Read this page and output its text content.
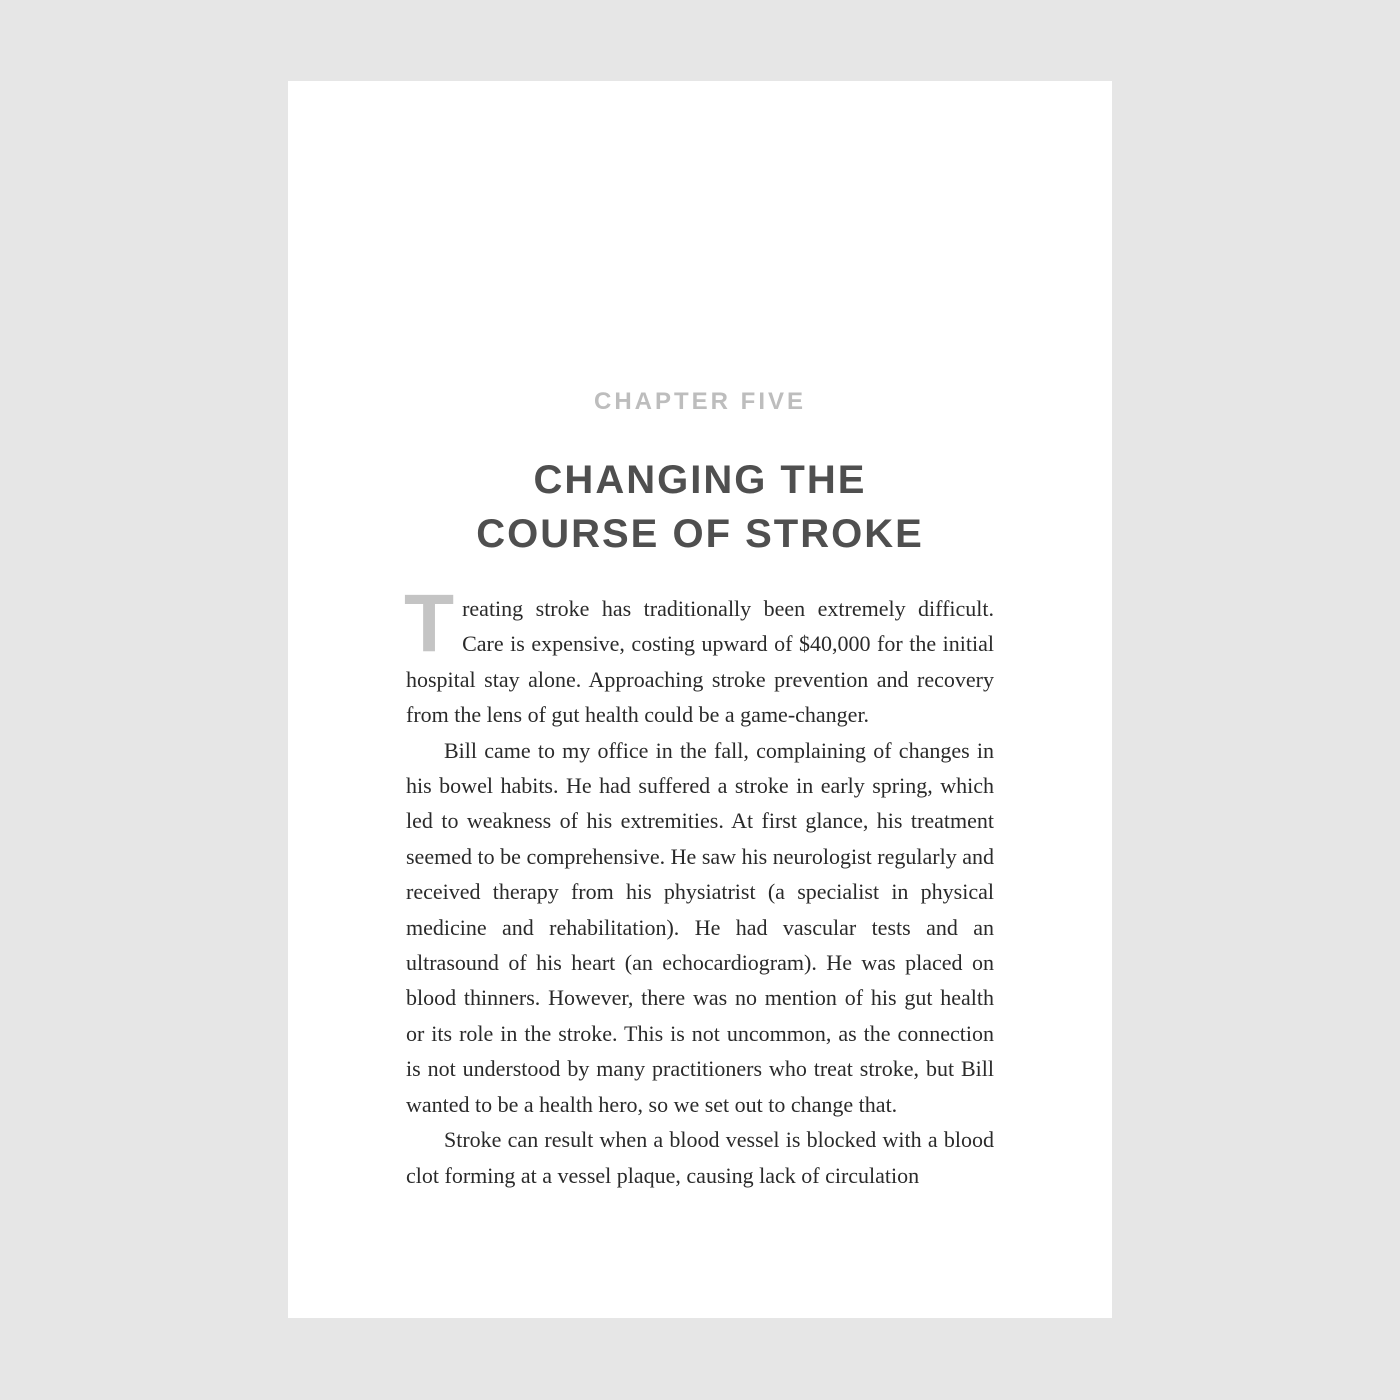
CHAPTER FIVE
CHANGING THE
COURSE OF STROKE

Treating stroke has traditionally been extremely difficult. Care is expensive, costing upward of $40,000 for the initial hospital stay alone. Approaching stroke prevention and recovery from the lens of gut health could be a game-changer.

Bill came to my office in the fall, complaining of changes in his bowel habits. He had suffered a stroke in early spring, which led to weakness of his extremities. At first glance, his treatment seemed to be comprehensive. He saw his neurologist regularly and received therapy from his physiatrist (a specialist in physical medicine and rehabilitation). He had vascular tests and an ultrasound of his heart (an echocardiogram). He was placed on blood thinners. However, there was no mention of his gut health or its role in the stroke. This is not uncommon, as the connection is not understood by many practitioners who treat stroke, but Bill wanted to be a health hero, so we set out to change that.

Stroke can result when a blood vessel is blocked with a blood clot forming at a vessel plaque, causing lack of circulation
